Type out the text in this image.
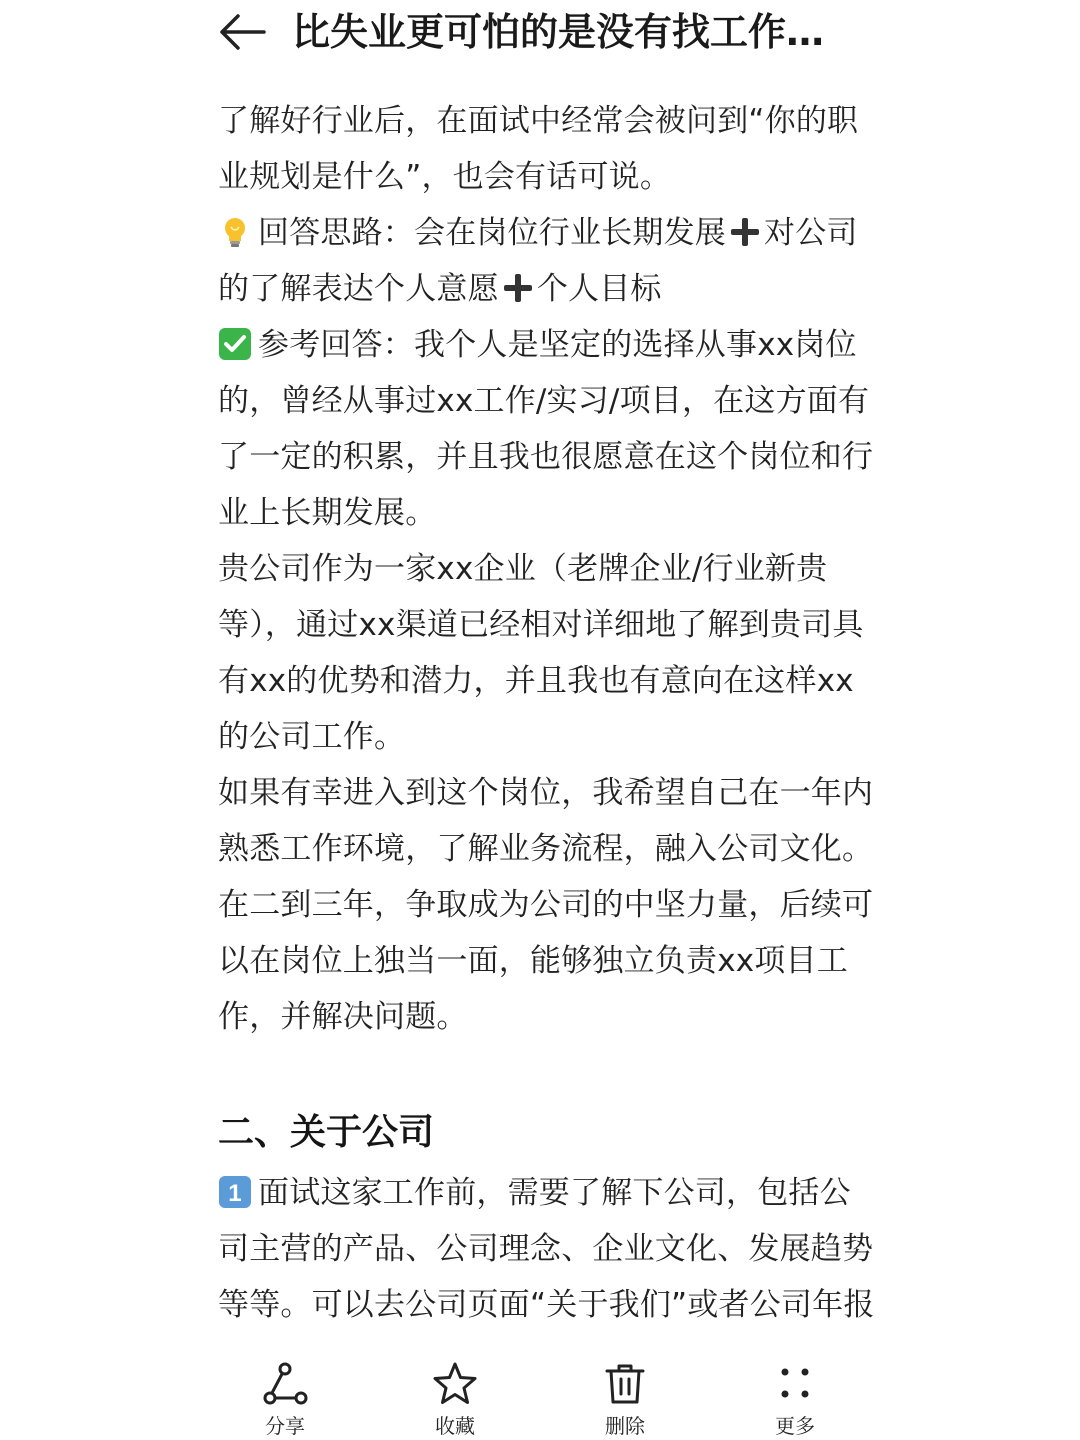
比失业更可怕的是没有找工作…

了解好行业后，在面试中经常会被问到“你的职业规划是什么”，也会有话可说。

回答思路：会在岗位行业长期发展 对公司的了解表达个人意愿 个人目标

参考回答：我个人是坚定的选择从事xx岗位的，曾经从事过xx工作/实习/项目，在这方面有了一定的积累，并且我也很愿意在这个岗位和行业上长期发展。

贵公司作为一家xx企业（老牌企业/行业新贵等），通过xx渠道已经相对详细地了解到贵司具有xx的优势和潜力，并且我也有意向在这样xx的公司工作。

如果有幸进入到这个岗位，我希望自己在一年内熟悉工作环境，了解业务流程，融入公司文化。在二到三年，争取成为公司的中坚力量，后续可以在岗位上独当一面，能够独立负责xx项目工作，并解决问题。

二、关于公司

1 面试这家工作前，需要了解下公司，包括公司主营的产品、公司理念、企业文化、发展趋势等等。可以去公司页面“关于我们”或者公司年报

分享	收藏	删除	更多
